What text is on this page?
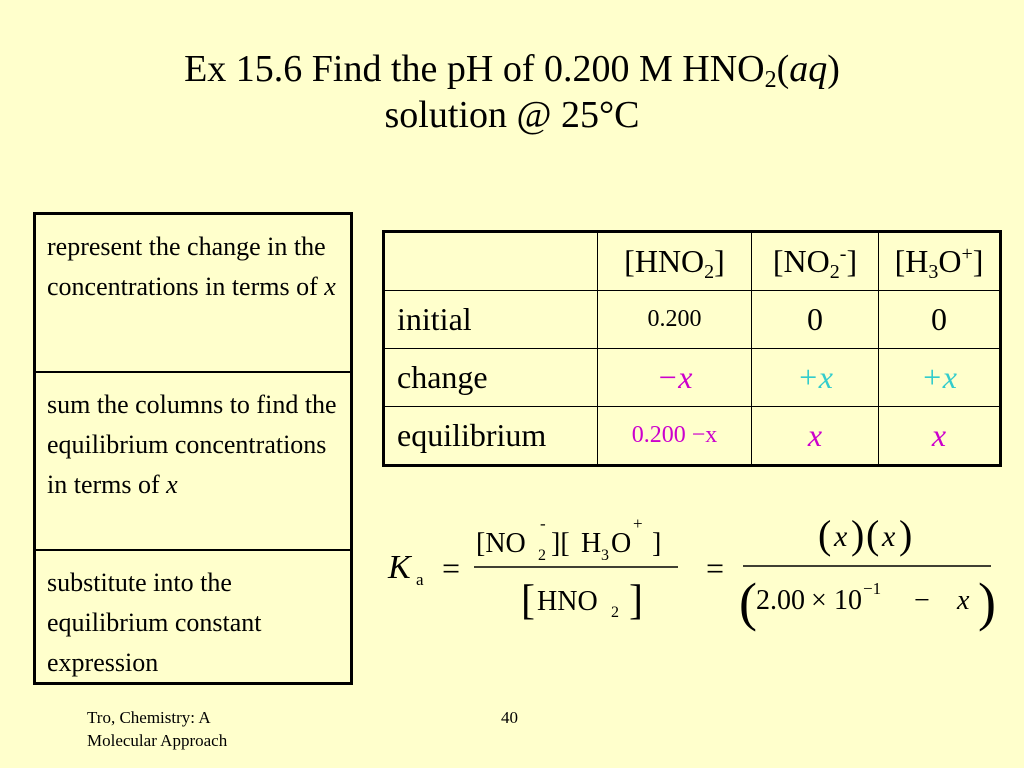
Ex 15.6 Find the pH of 0.200 M $HNO_2(aq)$
solution @ 25°C
represent the change in the concentrations in terms of x
sum the columns to find the equilibrium concentrations in terms of x
substitute into the equilibrium constant expression
	$[HNO_2]$	$[NO_2^-]$	$[H_3O^+]$
initial	0.200	0	0
change	−x	+x	+x
equilibrium	0.200 −x	x	x
K a =
[NO 2
-
][ H 3 O
+
]
[ HNO 2 ]
=
( x ) ( x )
( 2.00 × 10 −1 − x )
Tro, Chemistry: A
Molecular Approach
40
